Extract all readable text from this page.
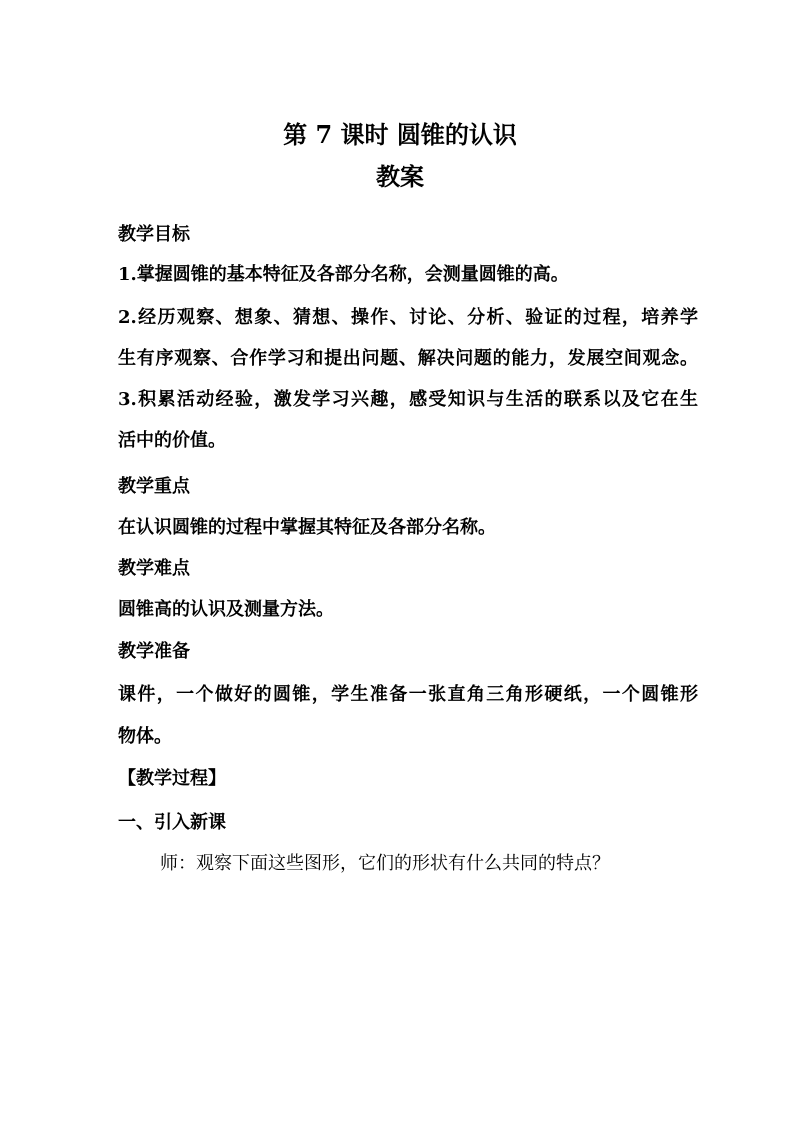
第 7 课时 圆锥的认识
教案
教学目标
1.掌握圆锥的基本特征及各部分名称，会测量圆锥的高。
2.经历观察、想象、猜想、操作、讨论、分析、验证的过程，培养学
生有序观察、合作学习和提出问题、解决问题的能力，发展空间观念。
3.积累活动经验，激发学习兴趣，感受知识与生活的联系以及它在生
活中的价值。
教学重点
在认识圆锥的过程中掌握其特征及各部分名称。
教学难点
圆锥高的认识及测量方法。
教学准备
课件，一个做好的圆锥，学生准备一张直角三角形硬纸，一个圆锥形
物体。
【教学过程】
一、引入新课
师：观察下面这些图形，它们的形状有什么共同的特点？
